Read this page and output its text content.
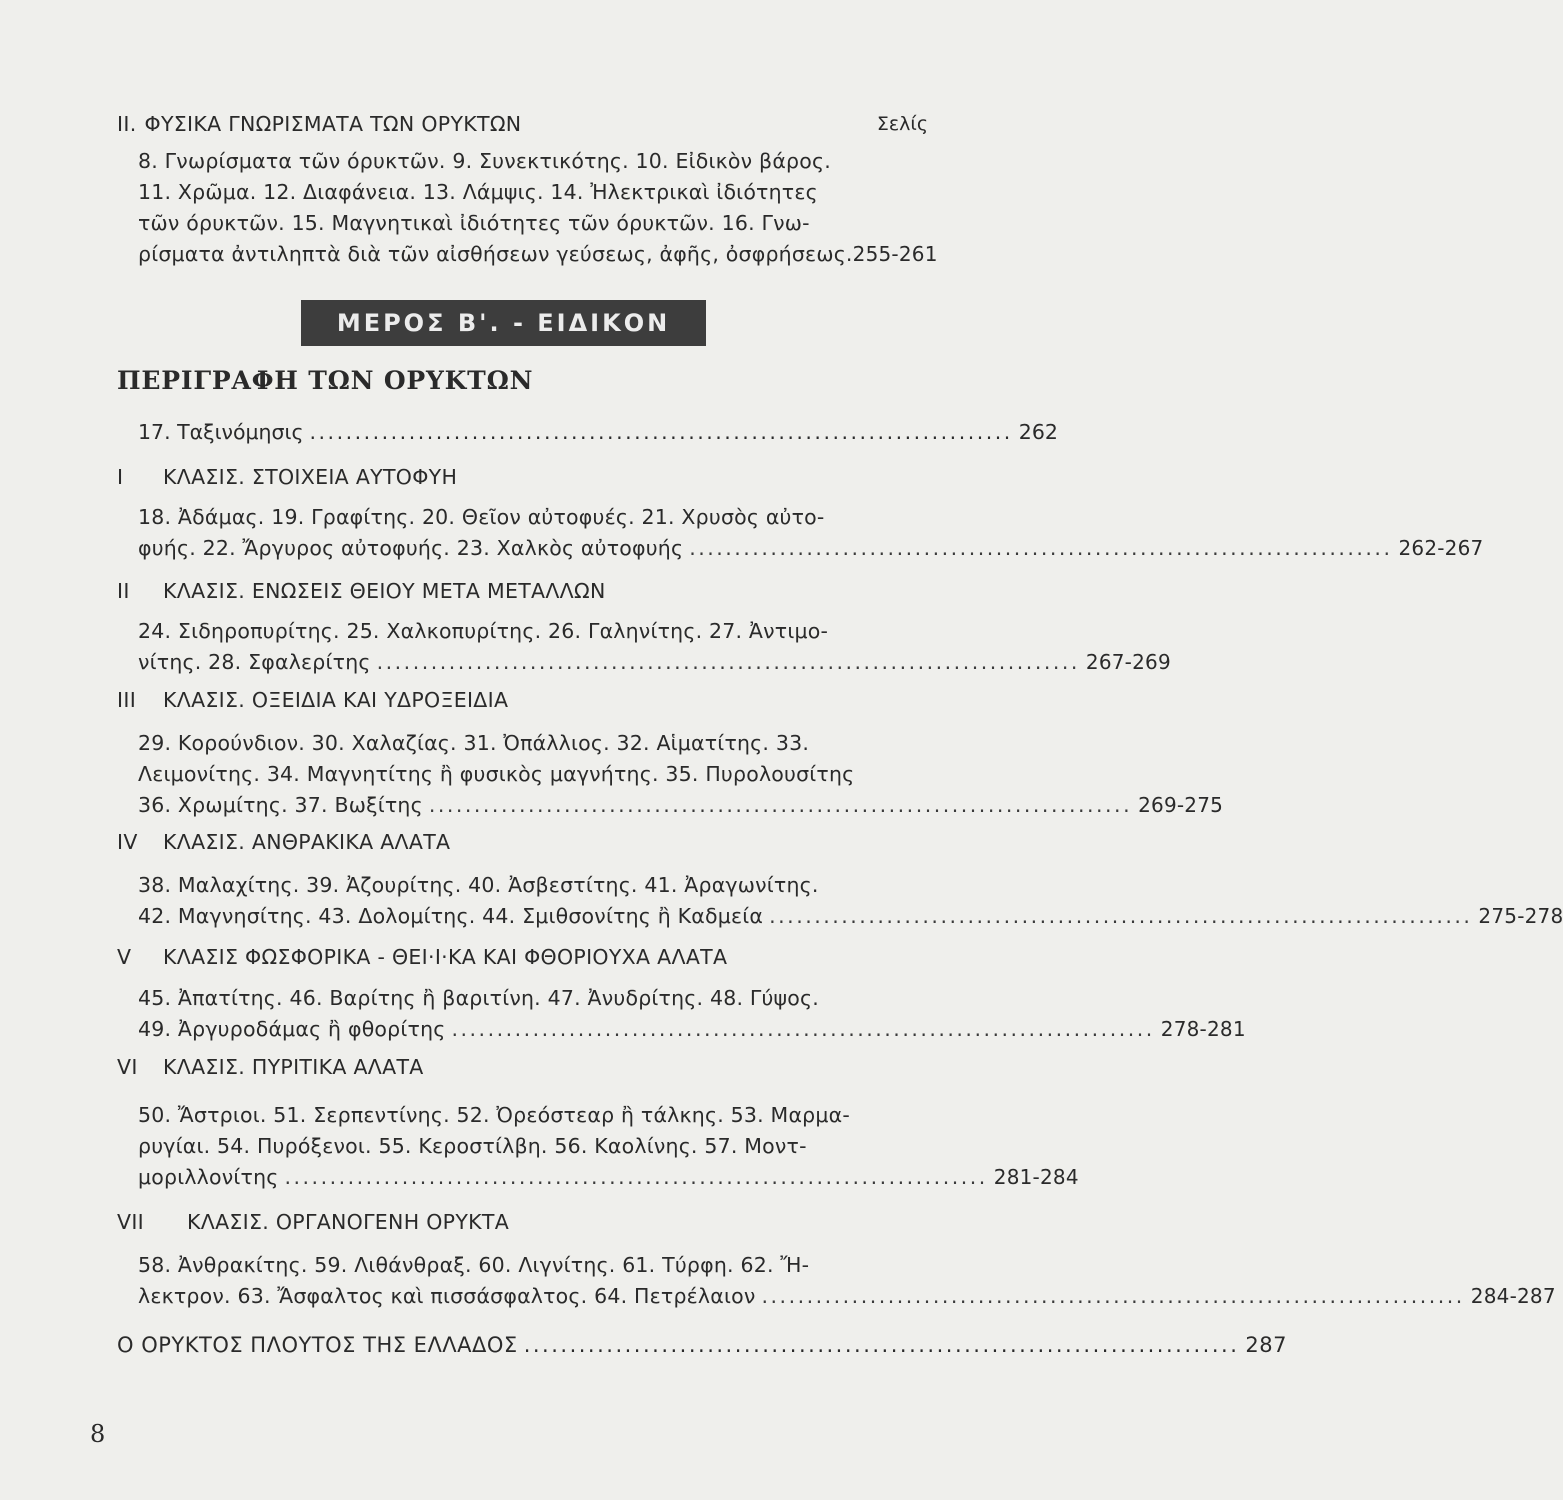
II. ΦΥΣΙΚΑ ΓΝΩΡΙΣΜΑΤΑ ΤΩΝ ΟΡΥΚΤΩΝ	Σελίς
8. Γνωρίσματα τῶν όρυκτῶν. 9. Συνεκτικότης. 10. Εἰδικὸν βάρος.
11. Χρῶμα. 12. Διαφάνεια. 13. Λάμψις. 14. Ἠλεκτρικαὶ ἰδιότητες
τῶν όρυκτῶν. 15. Μαγνητικαὶ ἰδιότητες τῶν όρυκτῶν. 16. Γνω-
ρίσματα ἀντιληπτὰ διὰ τῶν αἰσθήσεων γεύσεως, ἀφῆς, ὀσφρήσεως. 255-261
ΜΕΡΟΣ Β'. - ΕΙΔΙΚΟΝ
ΠΕΡΙΓΡΑΦΗ ΤΩΝ ΟΡΥΚΤΩΝ
17. Ταξινόμησις .............................................................................. 262
I	ΚΛΑΣΙΣ. ΣΤΟΙΧΕΙΑ ΑΥΤΟΦΥΗ
18. Ἀδάμας. 19. Γραφίτης. 20. Θεῖον αὐτοφυές. 21. Χρυσὸς αὐτο-
φυής. 22. Ἄργυρος αὐτοφυής. 23. Χαλκὸς αὐτοφυής .............................................................................. 262-267
II	ΚΛΑΣΙΣ. ΕΝΩΣΕΙΣ ΘΕΙΟΥ ΜΕΤΑ ΜΕΤΑΛΛΩΝ
24. Σιδηροπυρίτης. 25. Χαλκοπυρίτης. 26. Γαληνίτης. 27. Ἀντιμο-
νίτης. 28. Σφαλερίτης .............................................................................. 267-269
III	ΚΛΑΣΙΣ. ΟΞΕΙΔΙΑ ΚΑΙ ΥΔΡΟΞΕΙΔΙΑ
29. Κορούνδιον. 30. Χαλαζίας. 31. Ὀπάλλιος. 32. Αἱματίτης. 33.
Λειμονίτης. 34. Μαγνητίτης ἢ φυσικὸς μαγνήτης. 35. Πυρολουσίτης
36. Χρωμίτης. 37. Βωξίτης .............................................................................. 269-275
IV	ΚΛΑΣΙΣ. ΑΝΘΡΑΚΙΚΑ ΑΛΑΤΑ
38. Μαλαχίτης. 39. Ἀζουρίτης. 40. Ἀσβεστίτης. 41. Ἀραγωνίτης.
42. Μαγνησίτης. 43. Δολομίτης. 44. Σμιθσονίτης ἢ Καδμεία .............................................................................. 275-278
V	ΚΛΑΣΙΣ ΦΩΣΦΟΡΙΚΑ - ΘΕΙ·Ι·ΚΑ ΚΑΙ ΦΘΟΡΙΟΥΧΑ ΑΛΑΤΑ
45. Ἀπατίτης. 46. Βαρίτης ἢ βαριτίνη. 47. Ἀνυδρίτης. 48. Γύψος.
49. Ἀργυροδάμας ἢ φθορίτης .............................................................................. 278-281
VI	ΚΛΑΣΙΣ. ΠΥΡΙΤΙΚΑ ΑΛΑΤΑ
50. Ἄστριοι. 51. Σερπεντίνης. 52. Ὀρεόστεαρ ἢ τάλκης. 53. Μαρμα-
ρυγίαι. 54. Πυρόξενοι. 55. Κεροστίλβη. 56. Καολίνης. 57. Μοντ-
μοριλλονίτης .............................................................................. 281-284
VII	ΚΛΑΣΙΣ. ΟΡΓΑΝΟΓΕΝΗ ΟΡΥΚΤΑ
58. Ἀνθρακίτης. 59. Λιθάνθραξ. 60. Λιγνίτης. 61. Τύρφη. 62. Ἤ-
λεκτρον. 63. Ἄσφαλτος καὶ πισσάσφαλτος. 64. Πετρέλαιον .............................................................................. 284-287
Ο ΟΡΥΚΤΟΣ ΠΛΟΥΤΟΣ ΤΗΣ ΕΛΛΑΔΟΣ .............................................................................. 287
8
